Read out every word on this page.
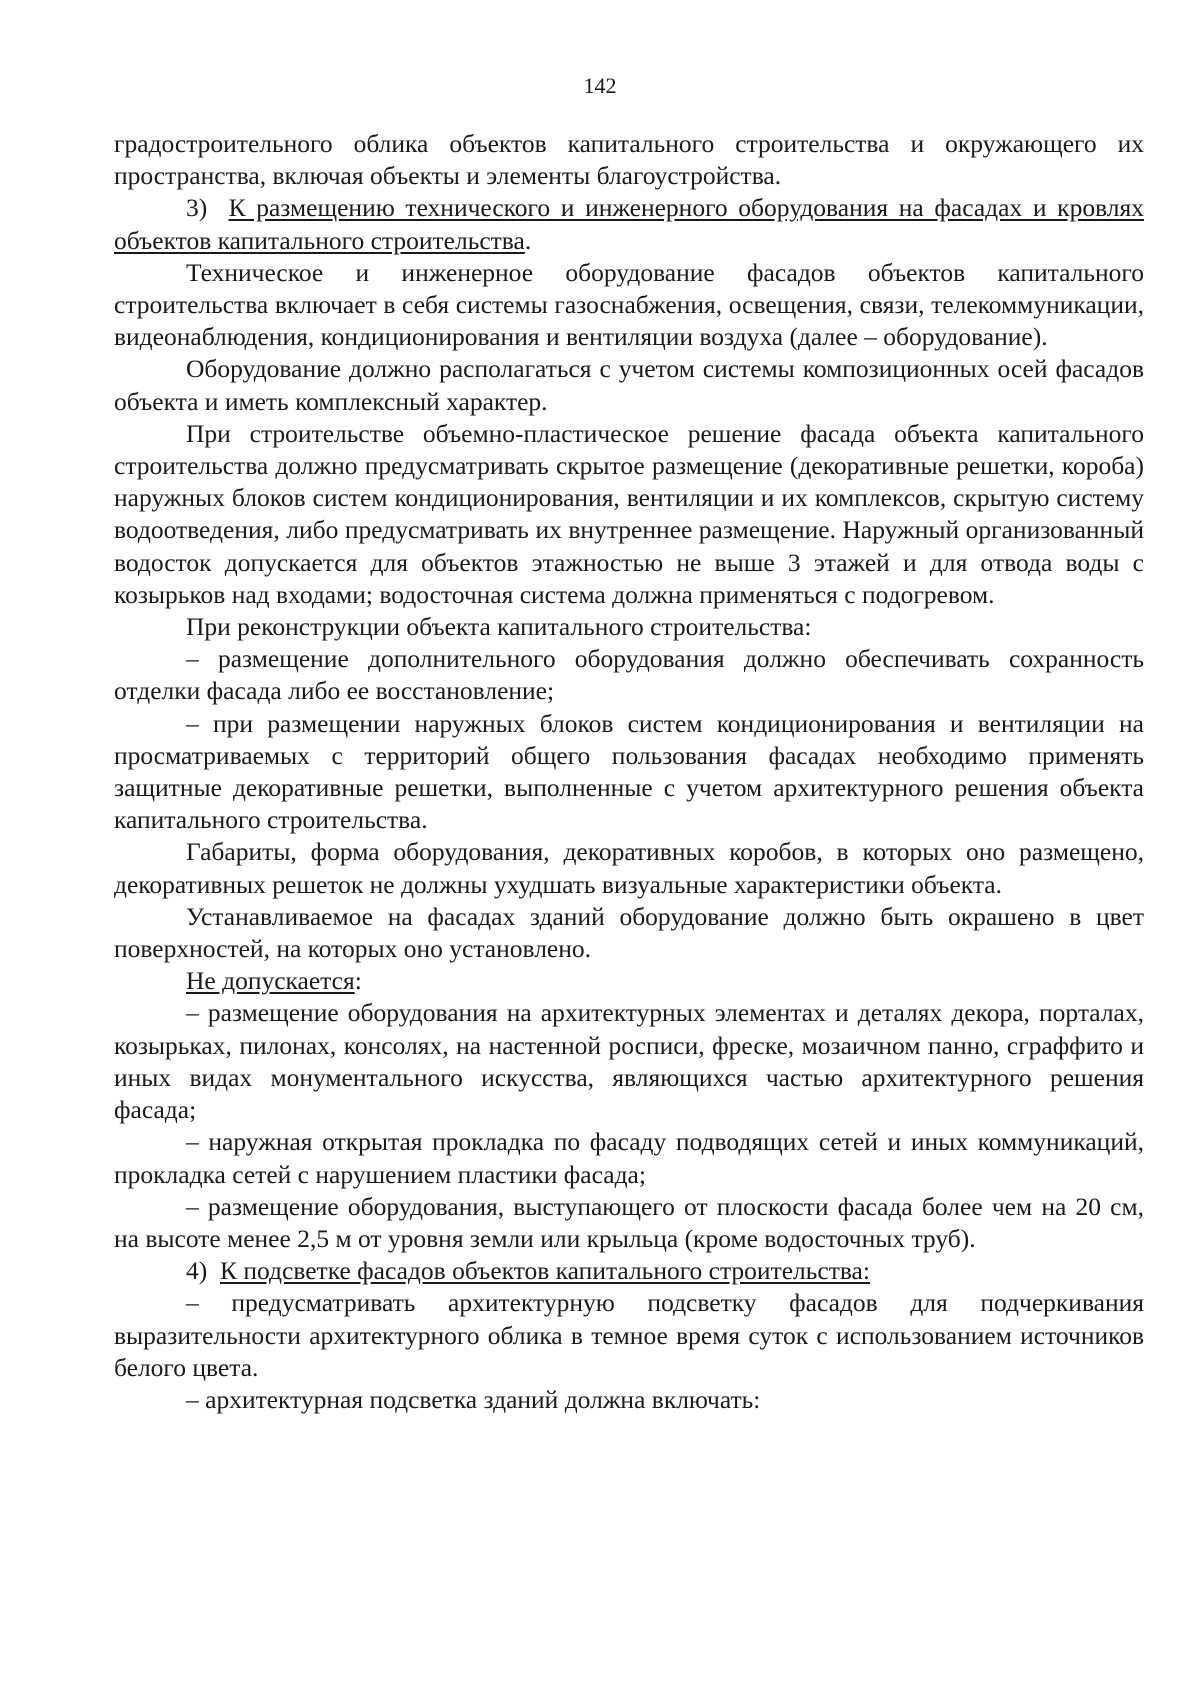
142

градостроительного облика объектов капитального строительства и окружающего их пространства, включая объекты и элементы благоустройства.

3)  К размещению технического и инженерного оборудования на фасадах и кровлях объектов капитального строительства.

Техническое и инженерное оборудование фасадов объектов капитального строительства включает в себя системы газоснабжения, освещения, связи, телекоммуникации, видеонаблюдения, кондиционирования и вентиляции воздуха (далее – оборудование).

Оборудование должно располагаться с учетом системы композиционных осей фасадов объекта и иметь комплексный характер.

При строительстве объемно-пластическое решение фасада объекта капитального строительства должно предусматривать скрытое размещение (декоративные решетки, короба) наружных блоков систем кондиционирования, вентиляции и их комплексов, скрытую систему водоотведения, либо предусматривать их внутреннее размещение. Наружный организованный водосток допускается для объектов этажностью не выше 3 этажей и для отвода воды с козырьков над входами; водосточная система должна применяться с подогревом.

При реконструкции объекта капитального строительства:

– размещение дополнительного оборудования должно обеспечивать сохранность отделки фасада либо ее восстановление;

– при размещении наружных блоков систем кондиционирования и вентиляции на просматриваемых с территорий общего пользования фасадах необходимо применять защитные декоративные решетки, выполненные с учетом архитектурного решения объекта капитального строительства.

Габариты, форма оборудования, декоративных коробов, в которых оно размещено, декоративных решеток не должны ухудшать визуальные характеристики объекта.

Устанавливаемое на фасадах зданий оборудование должно быть окрашено в цвет поверхностей, на которых оно установлено.

Не допускается:

– размещение оборудования на архитектурных элементах и деталях декора, порталах, козырьках, пилонах, консолях, на настенной росписи, фреске, мозаичном панно, сграффито и иных видах монументального искусства, являющихся частью архитектурного решения фасада;

– наружная открытая прокладка по фасаду подводящих сетей и иных коммуникаций, прокладка сетей с нарушением пластики фасада;

– размещение оборудования, выступающего от плоскости фасада более чем на 20 см, на высоте менее 2,5 м от уровня земли или крыльца (кроме водосточных труб).

4)  К подсветке фасадов объектов капитального строительства:

– предусматривать архитектурную подсветку фасадов для подчеркивания выразительности архитектурного облика в темное время суток с использованием источников белого цвета.

– архитектурная подсветка зданий должна включать:
